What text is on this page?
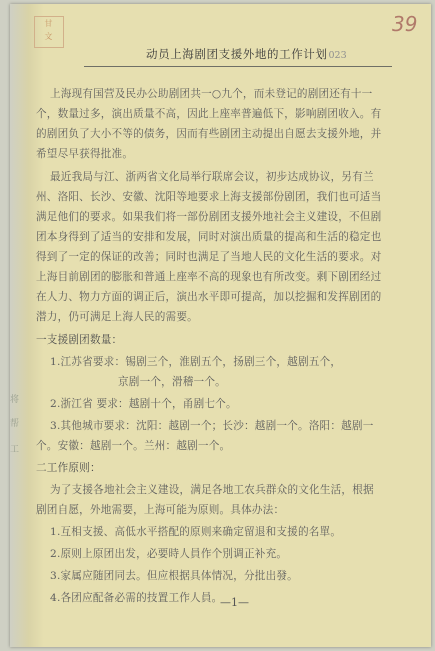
将
帮
工
甘
文
39
动员上海剧团支援外地的工作计划023
上海现有国营及民办公助剧团共一○九个，而未登记的剧团还有十一
个，数量过多，演出质量不高，因此上座率普遍低下，影响剧团收入。有
的剧团负了大小不等的债务，因而有些剧团主动提出自愿去支援外地，并
希望尽早获得批准。
最近我局与江、浙两省文化局举行联席会议，初步达成协议，另有兰
州、洛阳、长沙、安徽、沈阳等地要求上海支援部份剧团，我们也可适当
满足他们的要求。如果我们将一部份剧团支援外地社会主义建设，不但剧
团本身得到了适当的安排和发展，同时对演出质量的提高和生活的稳定也
得到了一定的保证的改善；同时也满足了当地人民的文化生活的要求。对
上海目前剧团的膨胀和普通上座率不高的现象也有所改变。剩下剧团经过
在人力、物力方面的调正后，演出水平即可提高，加以挖掘和发挥剧团的
潜力，仍可满足上海人民的需要。
一支援剧团数量：
1.江苏省要求：锡剧三个，淮剧五个，扬剧三个，越剧五个，
京剧一个，滑稽一个。
2.浙江省 要求：越剧十个，甬剧七个。
3.其他城市要求：沈阳：越剧一个；长沙：越剧一个。洛阳：越剧一
个。安徽：越剧一个。兰州：越剧一个。
二工作原则：
为了支援各地社会主义建设，满足各地工农兵群众的文化生活，根据
剧团自愿，外地需要，上海可能为原则。具体办法：
1.互相支援、高低水平搭配的原则来确定留退和支援的名單。
2.原则上原团出发，必要時人員作个別调正补充。
3.家属应随团同去。但应根据具体情况，分批出發。
4.各团应配备必需的技置工作人員。
—1—
